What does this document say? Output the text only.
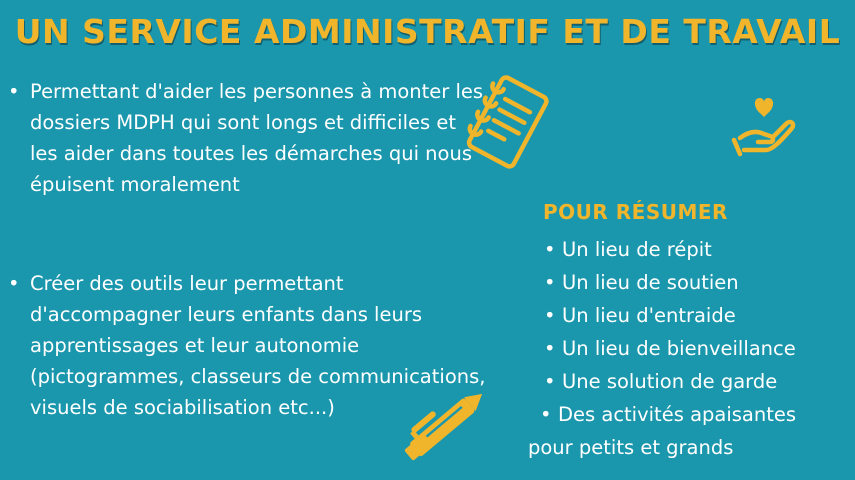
UN SERVICE ADMINISTRATIF ET DE TRAVAIL
• Permettant d'aider les personnes à monter les dossiers MDPH qui sont longs et difficiles et les aider dans toutes les démarches qui nous épuisent moralement
• Créer des outils leur permettant d'accompagner leurs enfants dans leurs apprentissages et leur autonomie (pictogrammes, classeurs de communications, visuels de sociabilisation etc...)
POUR RÉSUMER
• Un lieu de répit
• Un lieu de soutien
• Un lieu d'entraide
• Un lieu de bienveillance
• Une solution de garde
• Des activités apaisantes
pour petits et grands
